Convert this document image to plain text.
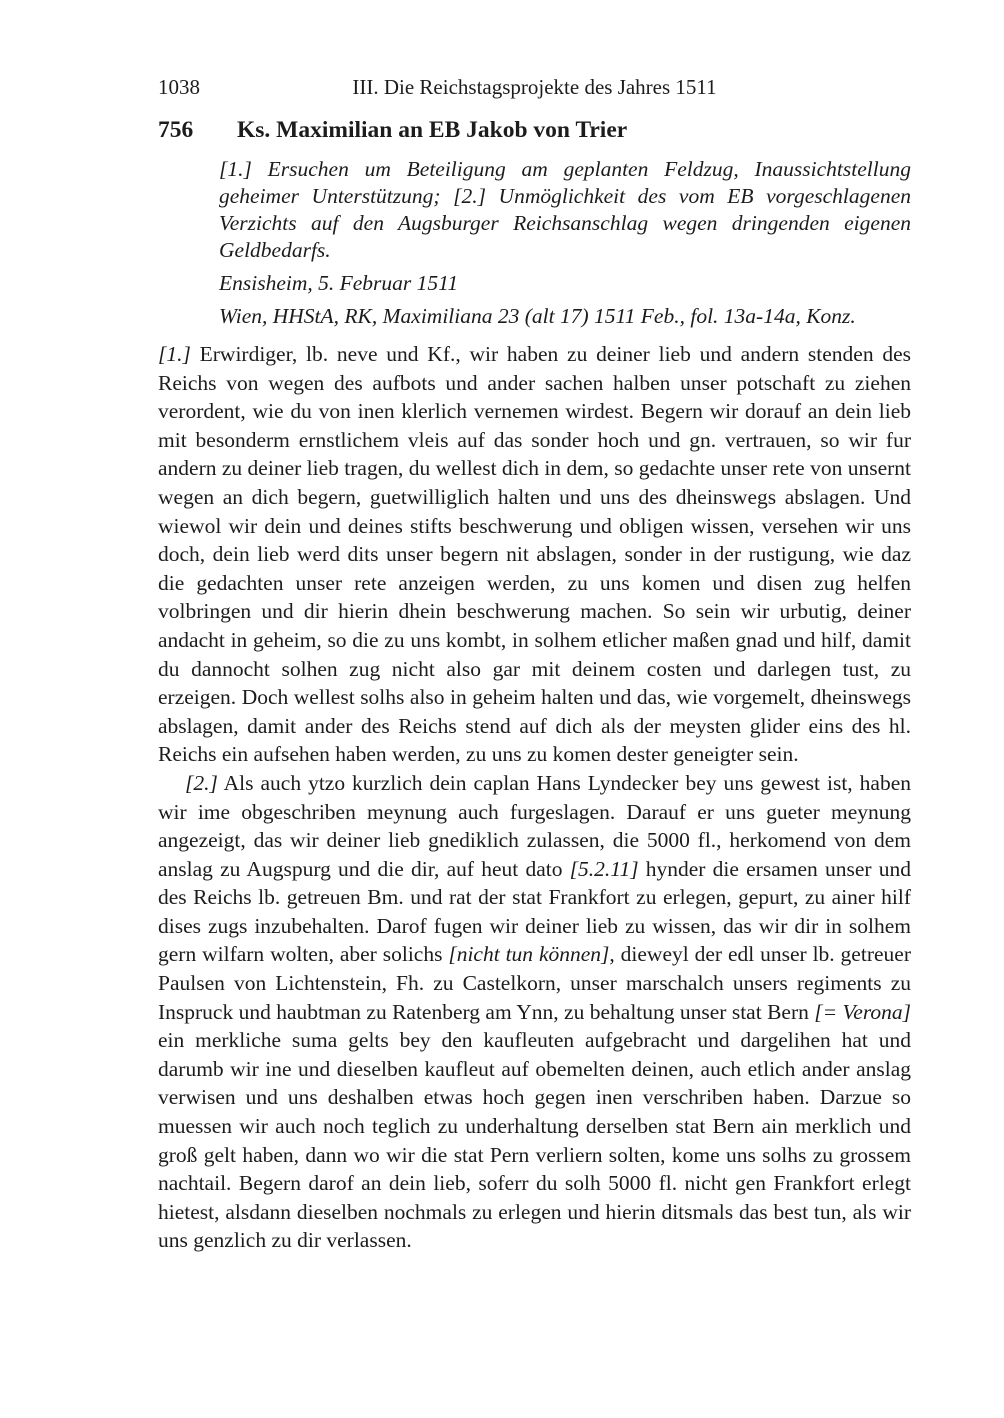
1038	III. Die Reichstagsprojekte des Jahres 1511
756	Ks. Maximilian an EB Jakob von Trier

[1.] Ersuchen um Beteiligung am geplanten Feldzug, Inaussichtstellung geheimer Unterstützung; [2.] Unmöglichkeit des vom EB vorgeschlagenen Verzichts auf den Augsburger Reichsanschlag wegen dringenden eigenen Geldbedarfs.

Ensisheim, 5. Februar 1511

Wien, HHStA, RK, Maximiliana 23 (alt 17) 1511 Feb., fol. 13a-14a, Konz.

[1.] Erwirdiger, lb. neve und Kf., wir haben zu deiner lieb und andern stenden des Reichs von wegen des aufbots und ander sachen halben unser potschaft zu ziehen verordent, wie du von inen klerlich vernemen wirdest. Begern wir dorauf an dein lieb mit besonderm ernstlichem vleis auf das sonder hoch und gn. vertrauen, so wir fur andern zu deiner lieb tragen, du wellest dich in dem, so gedachte unser rete von unsernt wegen an dich begern, guetwilliglich halten und uns des dheinswegs abslagen. Und wiewol wir dein und deines stifts beschwerung und obligen wissen, versehen wir uns doch, dein lieb werd dits unser begern nit abslagen, sonder in der rustigung, wie daz die gedachten unser rete anzeigen werden, zu uns komen und disen zug helfen volbringen und dir hierin dhein beschwerung machen. So sein wir urbutig, deiner andacht in geheim, so die zu uns kombt, in solhem etlicher maßen gnad und hilf, damit du dannocht solhen zug nicht also gar mit deinem costen und darlegen tust, zu erzeigen. Doch wellest solhs also in geheim halten und das, wie vorgemelt, dheinswegs abslagen, damit ander des Reichs stend auf dich als der meysten glider eins des hl. Reichs ein aufsehen haben werden, zu uns zu komen dester geneigter sein.

[2.] Als auch ytzo kurzlich dein caplan Hans Lyndecker bey uns gewest ist, haben wir ime obgeschriben meynung auch furgeslagen. Darauf er uns gueter meynung angezeigt, das wir deiner lieb gnediklich zulassen, die 5000 fl., herkomend von dem anslag zu Augspurg und die dir, auf heut dato [5.2.11] hynder die ersamen unser und des Reichs lb. getreuen Bm. und rat der stat Frankfort zu erlegen, gepurt, zu ainer hilf dises zugs inzubehalten. Darof fugen wir deiner lieb zu wissen, das wir dir in solhem gern wilfarn wolten, aber solichs [nicht tun können], dieweyl der edl unser lb. getreuer Paulsen von Lichtenstein, Fh. zu Castelkorn, unser marschalch unsers regiments zu Inspruck und haubtman zu Ratenberg am Ynn, zu behaltung unser stat Bern [= Verona] ein merkliche suma gelts bey den kaufleuten aufgebracht und dargelihen hat und darumb wir ine und dieselben kaufleut auf obemelten deinen, auch etlich ander anslag verwisen und uns deshalben etwas hoch gegen inen verschriben haben. Darzue so muessen wir auch noch teglich zu underhaltung derselben stat Bern ain merklich und groß gelt haben, dann wo wir die stat Pern verliern solten, kome uns solhs zu grossem nachtail. Begern darof an dein lieb, soferr du solh 5000 fl. nicht gen Frankfort erlegt hietest, alsdann dieselben nochmals zu erlegen und hierin ditsmals das best tun, als wir uns genzlich zu dir verlassen.
